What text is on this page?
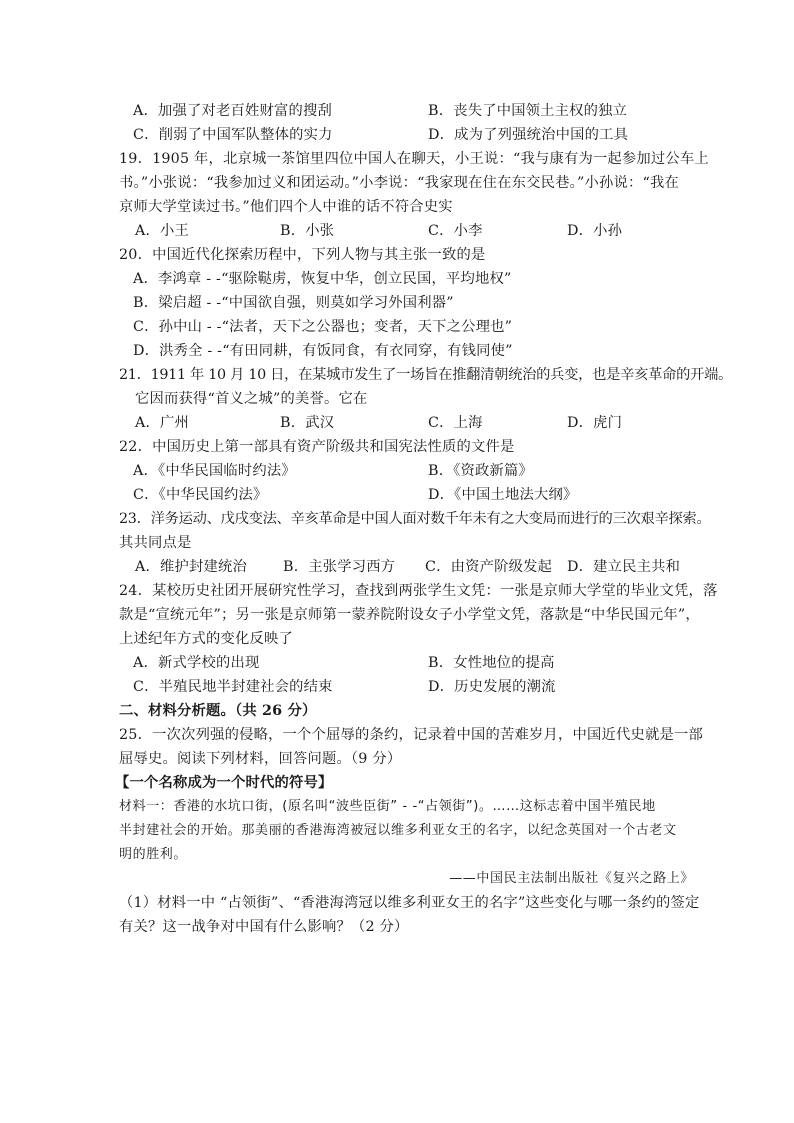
A．加强了对老百姓财富的搜刮	B．丧失了中国领土主权的独立
C．削弱了中国军队整体的实力	D．成为了列强统治中国的工具
19．1905 年，北京城一茶馆里四位中国人在聊天，小王说：“我与康有为一起参加过公车上
书。”小张说：“我参加过义和团运动。”小李说：“我家现在住在东交民巷。”小孙说：“我在
京师大学堂读过书。”他们四个人中谁的话不符合史实
A．小王	B．小张	C．小李	D．小孙
20．中国近代化探索历程中，下列人物与其主张一致的是
A．李鸿章 - -“驱除鞑虏，恢复中华，创立民国，平均地权”
B．梁启超 - -“中国欲自强，则莫如学习外国利器”
C．孙中山 - -“法者，天下之公器也；变者，天下之公理也”
D．洪秀全 - -“有田同耕，有饭同食，有衣同穿，有钱同使”
21．1911 年 10 月 10 日，在某城市发生了一场旨在推翻清朝统治的兵变，也是辛亥革命的开端。
它因而获得“首义之城”的美誉。它在
A．广州	B．武汉	C．上海	D．虎门
22．中国历史上第一部具有资产阶级共和国宪法性质的文件是
A．《中华民国临时约法》	B．《资政新篇》
C．《中华民国约法》	D．《中国土地法大纲》
23．洋务运动、戊戌变法、辛亥革命是中国人面对数千年未有之大变局而进行的三次艰辛探索。
其共同点是
A．维护封建统治	B．主张学习西方 C．由资产阶级发起 D．建立民主共和
24．某校历史社团开展研究性学习，查找到两张学生文凭：一张是京师大学堂的毕业文凭，落
款是“宣统元年”；另一张是京师第一蒙养院附设女子小学堂文凭，落款是“中华民国元年”，
上述纪年方式的变化反映了
A．新式学校的出现	B．女性地位的提高
C．半殖民地半封建社会的结束	D．历史发展的潮流
二、材料分析题。（共 26 分）
25．一次次列强的侵略，一个个屈辱的条约，记录着中国的苦难岁月，中国近代史就是一部
屈辱史。阅读下列材料，回答问题。（9 分）
【一个名称成为一个时代的符号】
材料一：香港的水坑口街，(原名叫“波些臣街” - -“占领街”)。……这标志着中国半殖民地
半封建社会的开始。那美丽的香港海湾被冠以维多利亚女王的名字，以纪念英国对一个古老文
明的胜利。
——中国民主法制出版社《复兴之路上》
（1）材料一中 “占领街”、“香港海湾冠以维多利亚女王的名字”这些变化与哪一条约的签定
有关？这一战争对中国有什么影响？（2 分）
